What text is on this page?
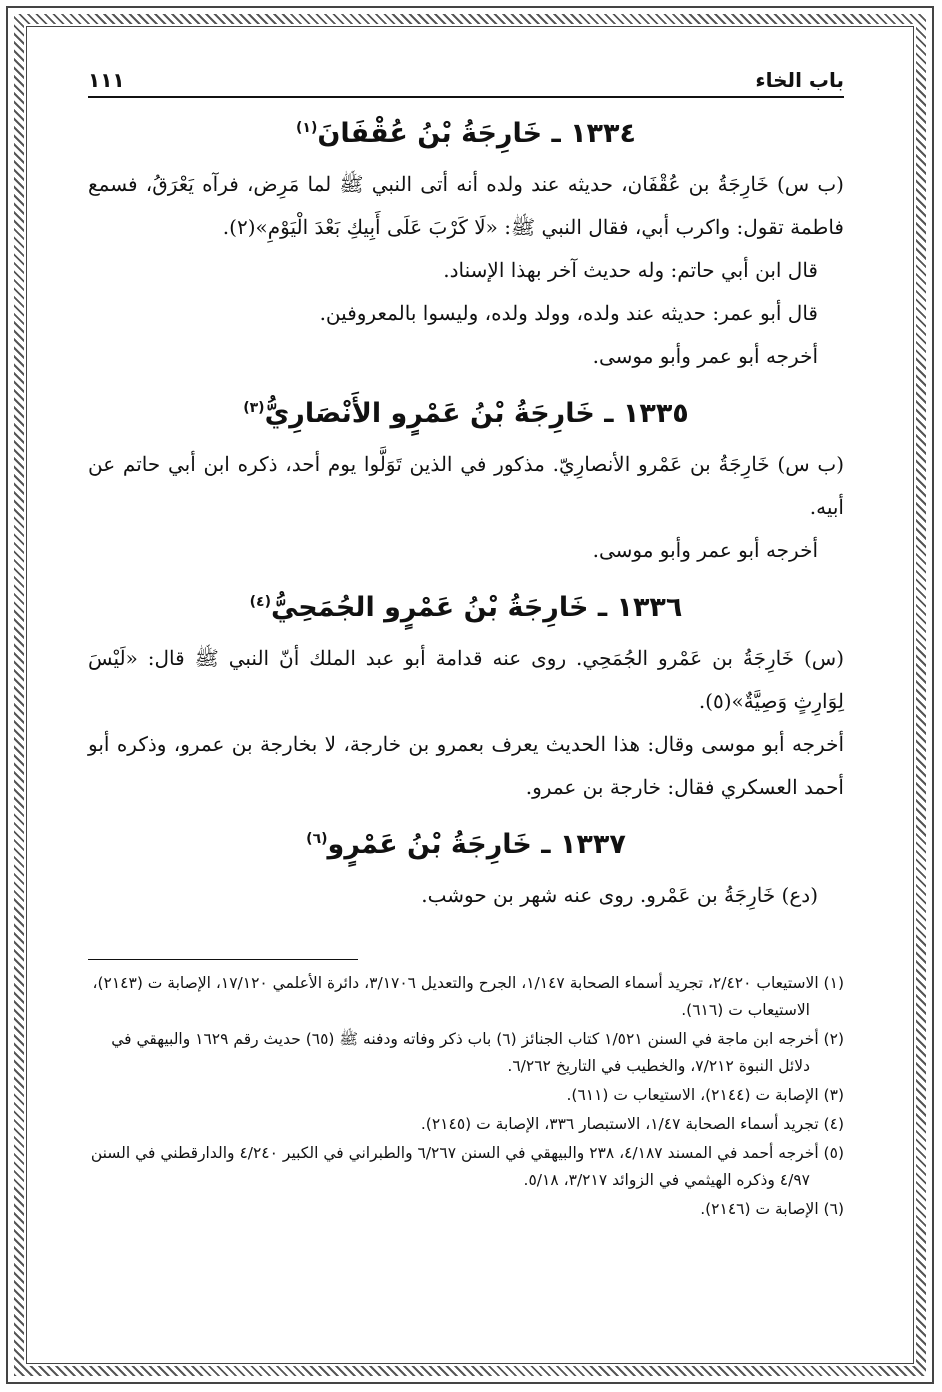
باب الخاء
١١١
١٣٣٤ ـ خَارِجَةُ بْنُ عُقْفَانَ$^{(١)}$

(ب س) خَارِجَةُ بن عُقْفَان، حديثه عند ولده أنه أتى النبي ﷺ لما مَرِض، فرآه يَعْرَقُ، فسمع فاطمة تقول: واكرب أبي، فقال النبي ﷺ: «لَا كَرْبَ عَلَى أَبِيكِ بَعْدَ الْيَوْمِ»(٢).

قال ابن أبي حاتم: وله حديث آخر بهذا الإسناد.

قال أبو عمر: حديثه عند ولده، وولد ولده، وليسوا بالمعروفين.

أخرجه أبو عمر وأبو موسى.

١٣٣٥ ـ خَارِجَةُ بْنُ عَمْرٍو الأَنْصَارِيُّ$^{(٣)}$

(ب س) خَارِجَةُ بن عَمْرو الأنصارِيّ. مذكور في الذين تَوَلَّوا يوم أحد، ذكره ابن أبي حاتم عن أبيه.

أخرجه أبو عمر وأبو موسى.

١٣٣٦ ـ خَارِجَةُ بْنُ عَمْرٍو الجُمَحِيُّ$^{(٤)}$

(س) خَارِجَةُ بن عَمْرو الجُمَحِي. روى عنه قدامة أبو عبد الملك أنّ النبي ﷺ قال: «لَيْسَ لِوَارِثٍ وَصِيَّةٌ»(٥).

أخرجه أبو موسى وقال: هذا الحديث يعرف بعمرو بن خارجة، لا بخارجة بن عمرو، وذكره أبو أحمد العسكري فقال: خارجة بن عمرو.

١٣٣٧ ـ خَارِجَةُ بْنُ عَمْرٍو$^{(٦)}$

(دع) خَارِجَةُ بن عَمْرو. روى عنه شهر بن حوشب.

(١) الاستيعاب ٢/٤٢٠، تجريد أسماء الصحابة ١/١٤٧، الجرح والتعديل ٣/١٧٠٦، دائرة الأعلمي ١٧/١٢٠، الإصابة ت (٢١٤٣)، الاستيعاب ت (٦١٦).

(٢) أخرجه ابن ماجة في السنن ١/٥٢١ كتاب الجنائز (٦) باب ذكر وفاته ودفنه ﷺ (٦٥) حديث رقم ١٦٢٩ والبيهقي في دلائل النبوة ٧/٢١٢، والخطيب في التاريخ ٦/٢٦٢.

(٣) الإصابة ت (٢١٤٤)، الاستيعاب ت (٦١١).

(٤) تجريد أسماء الصحابة ١/٤٧، الاستبصار ٣٣٦، الإصابة ت (٢١٤٥).

(٥) أخرجه أحمد في المسند ٤/١٨٧، ٢٣٨ والبيهقي في السنن ٦/٢٦٧ والطبراني في الكبير ٤/٢٤٠ والدارقطني في السنن ٤/٩٧ وذكره الهيثمي في الزوائد ٣/٢١٧، ٥/١٨.

(٦) الإصابة ت (٢١٤٦).
